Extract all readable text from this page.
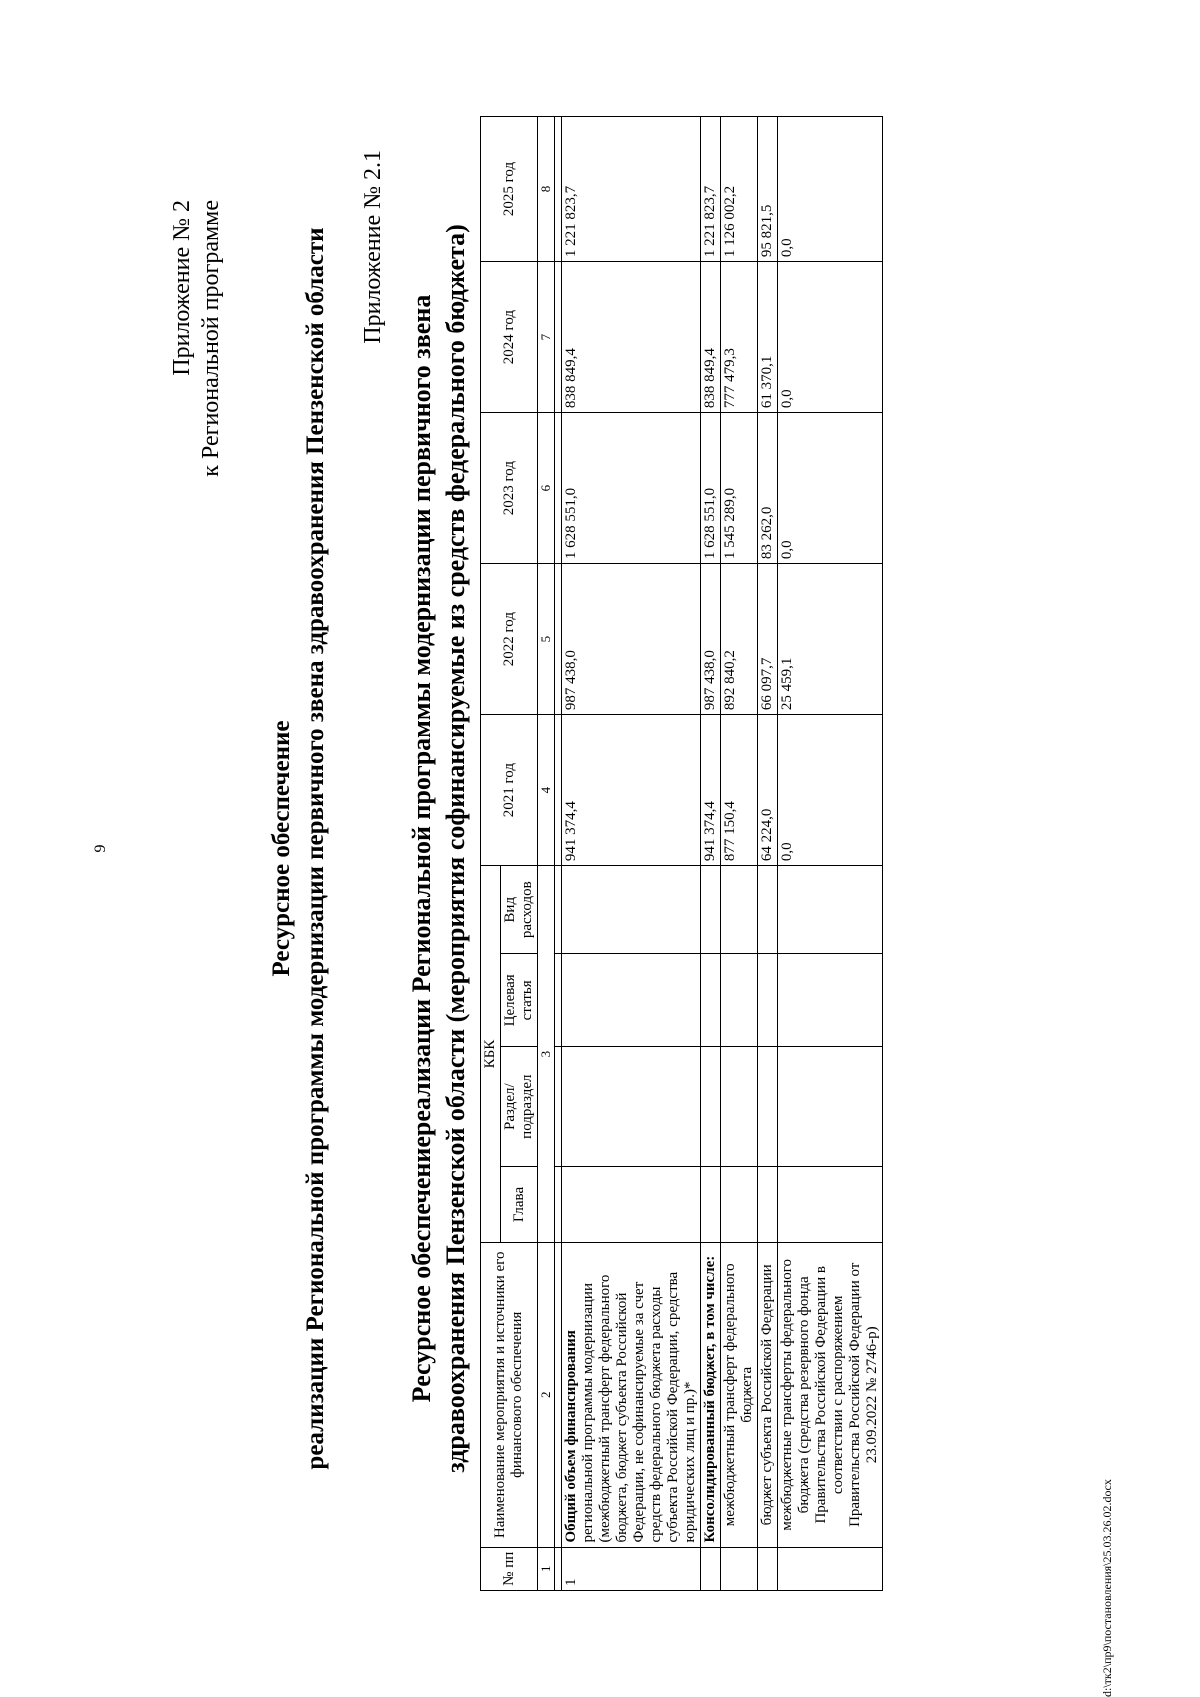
9
Приложение № 2 к Региональной программе
Ресурсное обеспечение реализации Региональной программы модернизации первичного звена здравоохранения Пензенской области Приложение № 2.1
Ресурсное обеспечениереализации Региональной программы модернизации первичного звена здравоохранения Пензенской области (мероприятия софинансируемые из средств федерального бюджета)
№ пп	Наименование мероприятия и источники его финансового обеспечения	КБК				2021 год	2022 год	2023 год	2024 год	2025 год
		Глава	Раздел/ подраздел	Целевая статья	Вид расходов					
1	2	3				4	5	6	7	8

1	Общий объем финансирования региональной программы модернизации (межбюджетный трансферт федерального бюджета, бюджет субъекта Российской Федерации, не софинансируемые за счет средств федерального бюджета расходы субъекта Российской Федерации, средства юридических лиц и пр.)*					941 374,4	987 438,0	1 628 551,0	838 849,4	1 221 823,7
	Консолидированный бюджет, в том числе:					941 374,4	987 438,0	1 628 551,0	838 849,4	1 221 823,7
	межбюджетный трансферт федерального бюджета					877 150,4	892 840,2	1 545 289,0	777 479,3	1 126 002,2
	бюджет субъекта Российской Федерации					64 224,0	66 097,7	83 262,0	61 370,1	95 821,5
	межбюджетные трансферты федерального бюджета (средства резервного фонда Правительства Российской Федерации в соответствии с распоряжением Правительства Российской Федерации от 23.09.2022 № 2746-р)					0,0	25 459,1	0,0	0,0	0,0
d:\тк2\пр9\постановления\25.03.26.02.docx
